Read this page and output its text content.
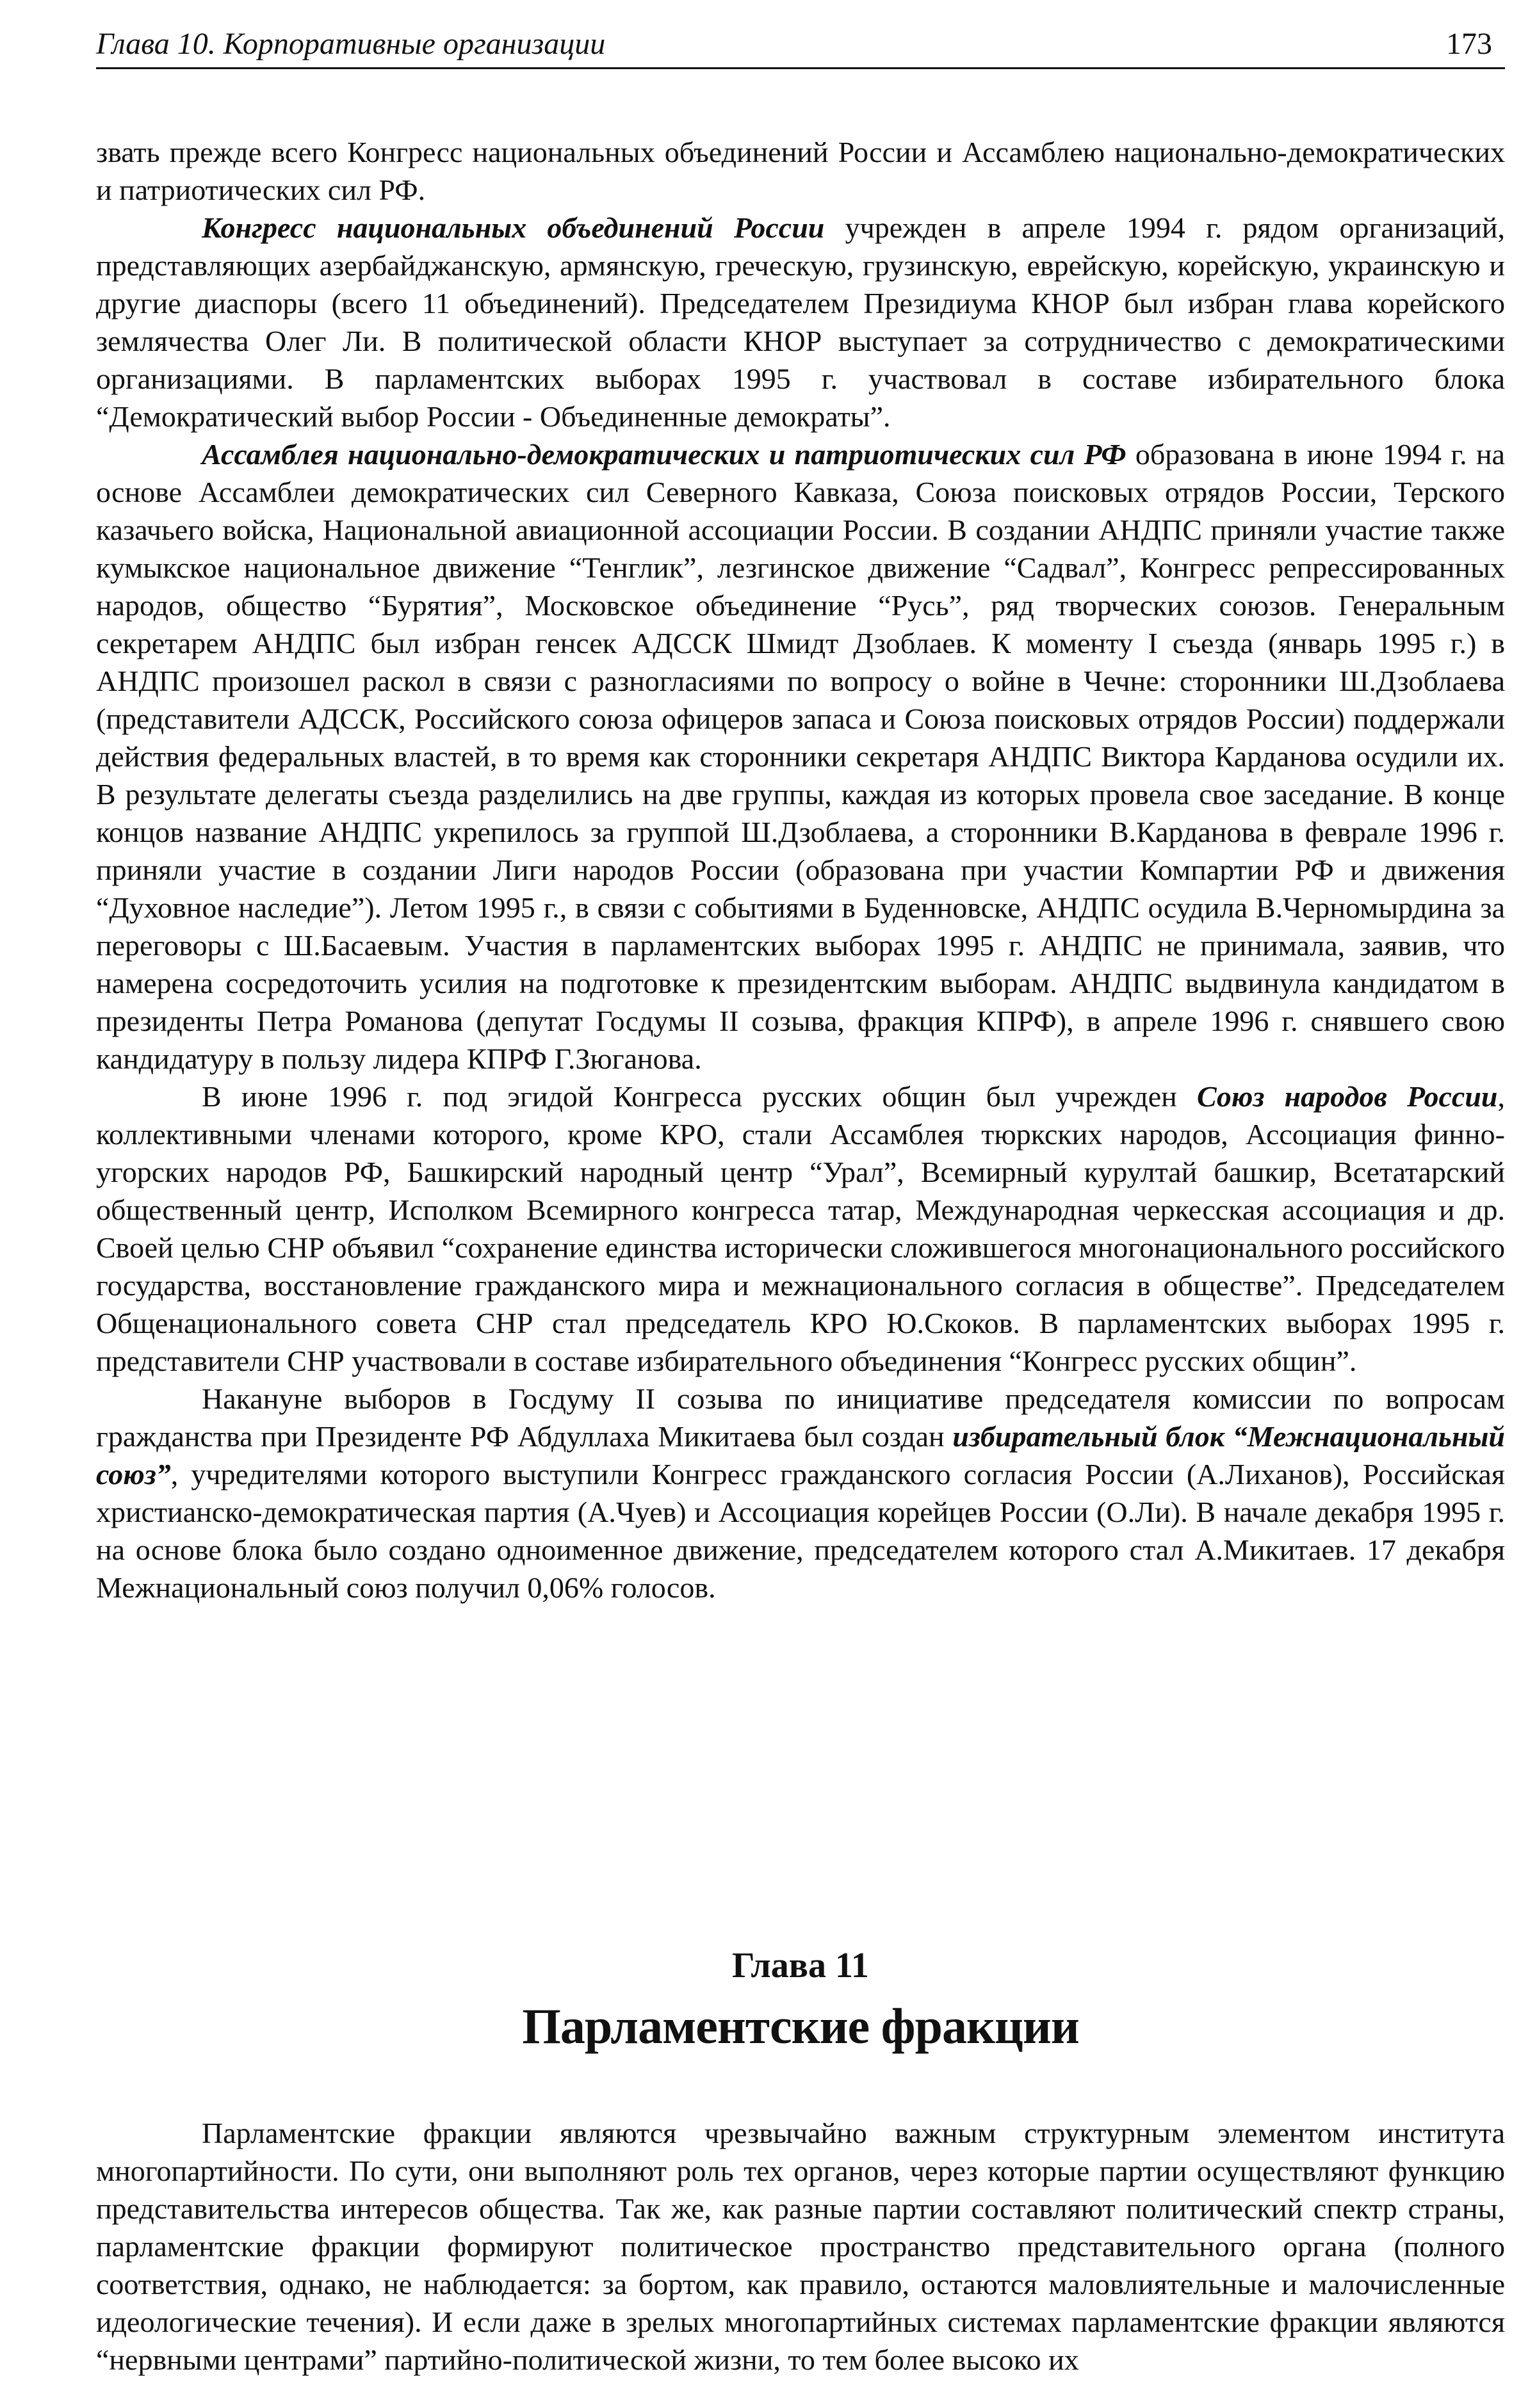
Глава 10. Корпоративные организации	173

звать прежде всего Конгресс национальных объединений России и Ассамблею национально-демократических и патриотических сил РФ.

Конгресс национальных объединений России учрежден в апреле 1994 г. рядом организаций, представляющих азербайджанскую, армянскую, греческую, грузинскую, еврейскую, корейскую, украинскую и другие диаспоры (всего 11 объединений). Председателем Президиума КНОР был избран глава корейского землячества Олег Ли. В политической области КНОР выступает за сотрудничество с демократическими организациями. В парламентских выборах 1995 г. участвовал в составе избирательного блока “Демократический выбор России - Объединенные демократы”.

Ассамблея национально-демократических и патриотических сил РФ образована в июне 1994 г. на основе Ассамблеи демократических сил Северного Кавказа, Союза поисковых отрядов России, Терского казачьего войска, Национальной авиационной ассоциации России. В создании АНДПС приняли участие также кумыкское национальное движение “Тенглик”, лезгинское движение “Садвал”, Конгресс репрессированных народов, общество “Бурятия”, Московское объединение “Русь”, ряд творческих союзов. Генеральным секретарем АНДПС был избран генсек АДССК Шмидт Дзоблаев. К моменту I съезда (январь 1995 г.) в АНДПС произошел раскол в связи с разногласиями по вопросу о войне в Чечне: сторонники Ш.Дзоблаева (представители АДССК, Российского союза офицеров запаса и Союза поисковых отрядов России) поддержали действия федеральных властей, в то время как сторонники секретаря АНДПС Виктора Карданова осудили их. В результате делегаты съезда разделились на две группы, каждая из которых провела свое заседание. В конце концов название АНДПС укрепилось за группой Ш.Дзоблаева, а сторонники В.Карданова в феврале 1996 г. приняли участие в создании Лиги народов России (образована при участии Компартии РФ и движения “Духовное наследие”). Летом 1995 г., в связи с событиями в Буденновске, АНДПС осудила В.Черномырдина за переговоры с Ш.Басаевым. Участия в парламентских выборах 1995 г. АНДПС не принимала, заявив, что намерена сосредоточить усилия на подготовке к президентским выборам. АНДПС выдвинула кандидатом в президенты Петра Романова (депутат Госдумы II созыва, фракция КПРФ), в апреле 1996 г. снявшего свою кандидатуру в пользу лидера КПРФ Г.Зюганова.

В июне 1996 г. под эгидой Конгресса русских общин был учрежден Союз народов России, коллективными членами которого, кроме КРО, стали Ассамблея тюркских народов, Ассоциация финно-угорских народов РФ, Башкирский народный центр “Урал”, Всемирный курултай башкир, Всетатарский общественный центр, Исполком Всемирного конгресса татар, Международная черкесская ассоциация и др. Своей целью СНР объявил “сохранение единства исторически сложившегося многонационального российского государства, восстановление гражданского мира и межнационального согласия в обществе”. Председателем Общенационального совета СНР стал председатель КРО Ю.Скоков. В парламентских выборах 1995 г. представители СНР участвовали в составе избирательного объединения “Конгресс русских общин”.

Накануне выборов в Госдуму II созыва по инициативе председателя комиссии по вопросам гражданства при Президенте РФ Абдуллаха Микитаева был создан избирательный блок “Межнациональный союз”, учредителями которого выступили Конгресс гражданского согласия России (А.Лиханов), Российская христианско-демократическая партия (А.Чуев) и Ассоциация корейцев России (О.Ли). В начале декабря 1995 г. на основе блока было создано одноименное движение, председателем которого стал А.Микитаев. 17 декабря Межнациональный союз получил 0,06% голосов.

Глава 11

Парламентские фракции

Парламентские фракции являются чрезвычайно важным структурным элементом института многопартийности. По сути, они выполняют роль тех органов, через которые партии осуществляют функцию представительства интересов общества. Так же, как разные партии составляют политический спектр страны, парламентские фракции формируют политическое пространство представительного органа (полного соответствия, однако, не наблюдается: за бортом, как правило, остаются маловлиятельные и малочисленные идеологические течения). И если даже в зрелых многопартийных системах парламентские фракции являются “нервными центрами” партийно-политической жизни, то тем более высоко их
